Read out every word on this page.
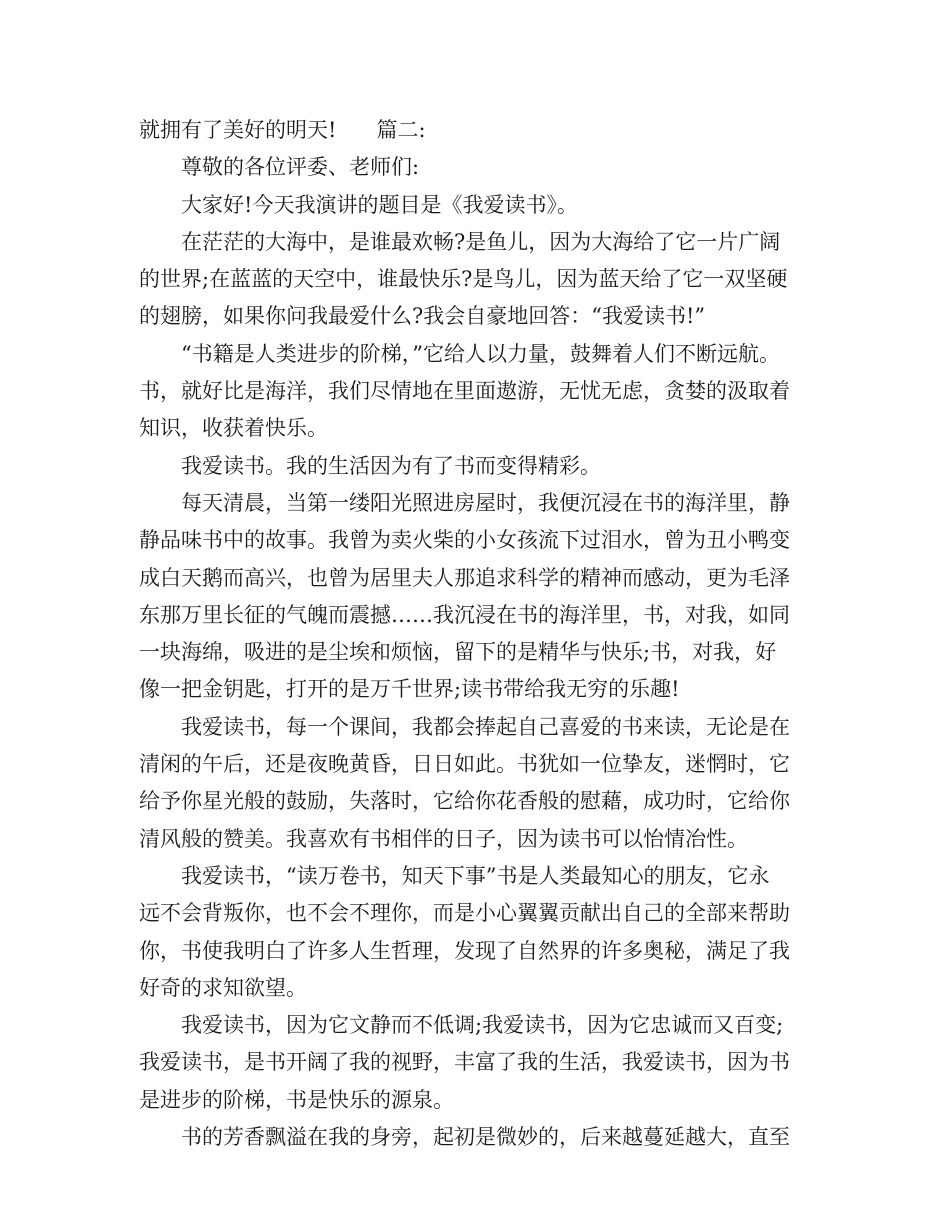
就拥有了美好的明天! 篇二:
尊敬的各位评委、老师们:
大家好!今天我演讲的题目是《我爱读书》。
在茫茫的大海中，是谁最欢畅?是鱼儿，因为大海给了它一片广阔
的世界;在蓝蓝的天空中，谁最快乐?是鸟儿，因为蓝天给了它一双坚硬
的翅膀，如果你问我最爱什么?我会自豪地回答：“我爱读书!”
“书籍是人类进步的阶梯，”它给人以力量，鼓舞着人们不断远航。
书，就好比是海洋，我们尽情地在里面遨游，无忧无虑，贪婪的汲取着
知识，收获着快乐。
我爱读书。我的生活因为有了书而变得精彩。
每天清晨，当第一缕阳光照进房屋时，我便沉浸在书的海洋里，静
静品味书中的故事。我曾为卖火柴的小女孩流下过泪水，曾为丑小鸭变
成白天鹅而高兴，也曾为居里夫人那追求科学的精神而感动，更为毛泽
东那万里长征的气魄而震撼……我沉浸在书的海洋里，书，对我，如同
一块海绵，吸进的是尘埃和烦恼，留下的是精华与快乐;书，对我，好
像一把金钥匙，打开的是万千世界;读书带给我无穷的乐趣!
我爱读书，每一个课间，我都会捧起自己喜爱的书来读，无论是在
清闲的午后，还是夜晚黄昏，日日如此。书犹如一位挚友，迷惘时，它
给予你星光般的鼓励，失落时，它给你花香般的慰藉，成功时，它给你
清风般的赞美。我喜欢有书相伴的日子，因为读书可以怡情冶性。
我爱读书，“读万卷书，知天下事”书是人类最知心的朋友，它永
远不会背叛你，也不会不理你，而是小心翼翼贡献出自己的全部来帮助
你，书使我明白了许多人生哲理，发现了自然界的许多奥秘，满足了我
好奇的求知欲望。
我爱读书，因为它文静而不低调;我爱读书，因为它忠诚而又百变;
我爱读书，是书开阔了我的视野，丰富了我的生活，我爱读书，因为书
是进步的阶梯，书是快乐的源泉。
书的芳香飘溢在我的身旁，起初是微妙的，后来越蔓延越大，直至
